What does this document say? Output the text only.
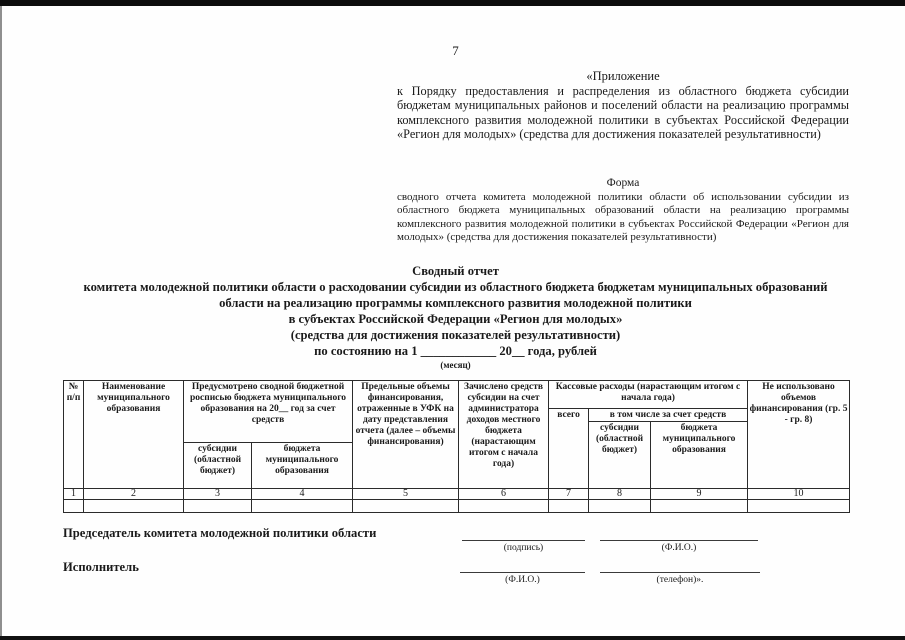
7
«Приложение
к Порядку предоставления и распределения из областного бюджета субсидии бюджетам муниципальных районов и поселений области на реализацию программы комплексного развития молодежной политики в субъектах Российской Федерации «Регион для молодых» (средства для достижения показателей результативности)
Форма
сводного отчета комитета молодежной политики области об использовании субсидии из областного бюджета муниципальных образований области на реализацию программы комплексного развития молодежной политики в субъектах Российской Федерации «Регион для молодых» (средства для достижения показателей результативности)
Сводный отчет
комитета молодежной политики области о расходовании субсидии из областного бюджета бюджетам муниципальных образований области на реализацию программы комплексного развития молодежной политики
в субъектах Российской Федерации «Регион для молодых»
(средства для достижения показателей результативности)
по состоянию на 1 ____________ 20__ года, рублей
(месяц)
№ п/п	Наименование муниципального образования	Предусмотрено сводной бюджетной росписью бюджета муниципального образования на 20__ год за счет средств		Предельные объемы финансирования, отраженные в УФК на дату представления отчета (далее – объемы финансирования)	Зачислено средств субсидии на счет администратора доходов местного бюджета (нарастающим итогом с начала года)	Кассовые расходы (нарастающим итогом с начала года)			Не использовано объемов финансирования (гр. 5 - гр. 8)
						всего	в том числе за счет средств		
							субсидии (областной бюджет)	бюджета муниципального образования	
		субсидии (областной бюджет)	бюджета муниципального образования						
1	2	3	4	5	6	7	8	9	10

Председатель комитета молодежной политики области
(подпись)	(Ф.И.О.)
Исполнитель
(Ф.И.О.)	(телефон)».
